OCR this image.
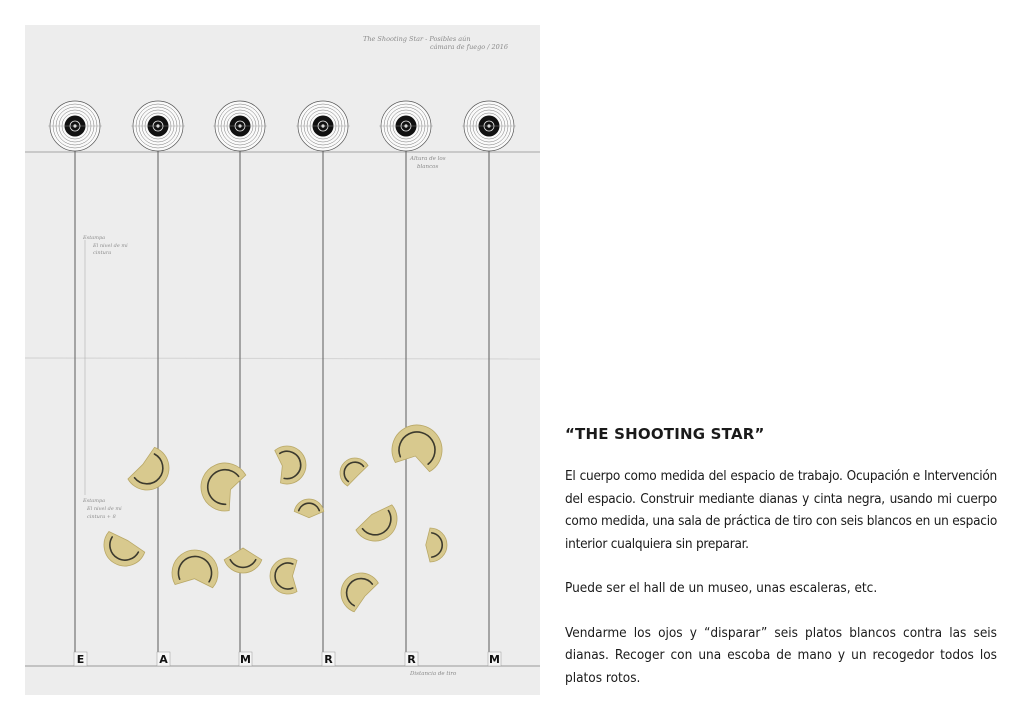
E	A	M	R	R	M
The Shooting Star - Posibles aún cámara de fuego / 2016
Altura de los blancos
Estampa El nivel de mi cintura
Estampa El nivel de mi cintura + 8
Distancia de tiro
“THE SHOOTING STAR”

El cuerpo como medida del espacio de trabajo. Ocupación e Intervención del espacio. Construir mediante dianas y cinta negra, usando mi cuerpo como medida, una sala de práctica de tiro con seis blancos en un espacio interior cualquiera sin preparar.

Puede ser el hall de un museo, unas escaleras, etc.

Vendarme los ojos y “disparar” seis platos blancos contra las seis dianas. Recoger con una escoba de mano y un recogedor todos los platos rotos.
